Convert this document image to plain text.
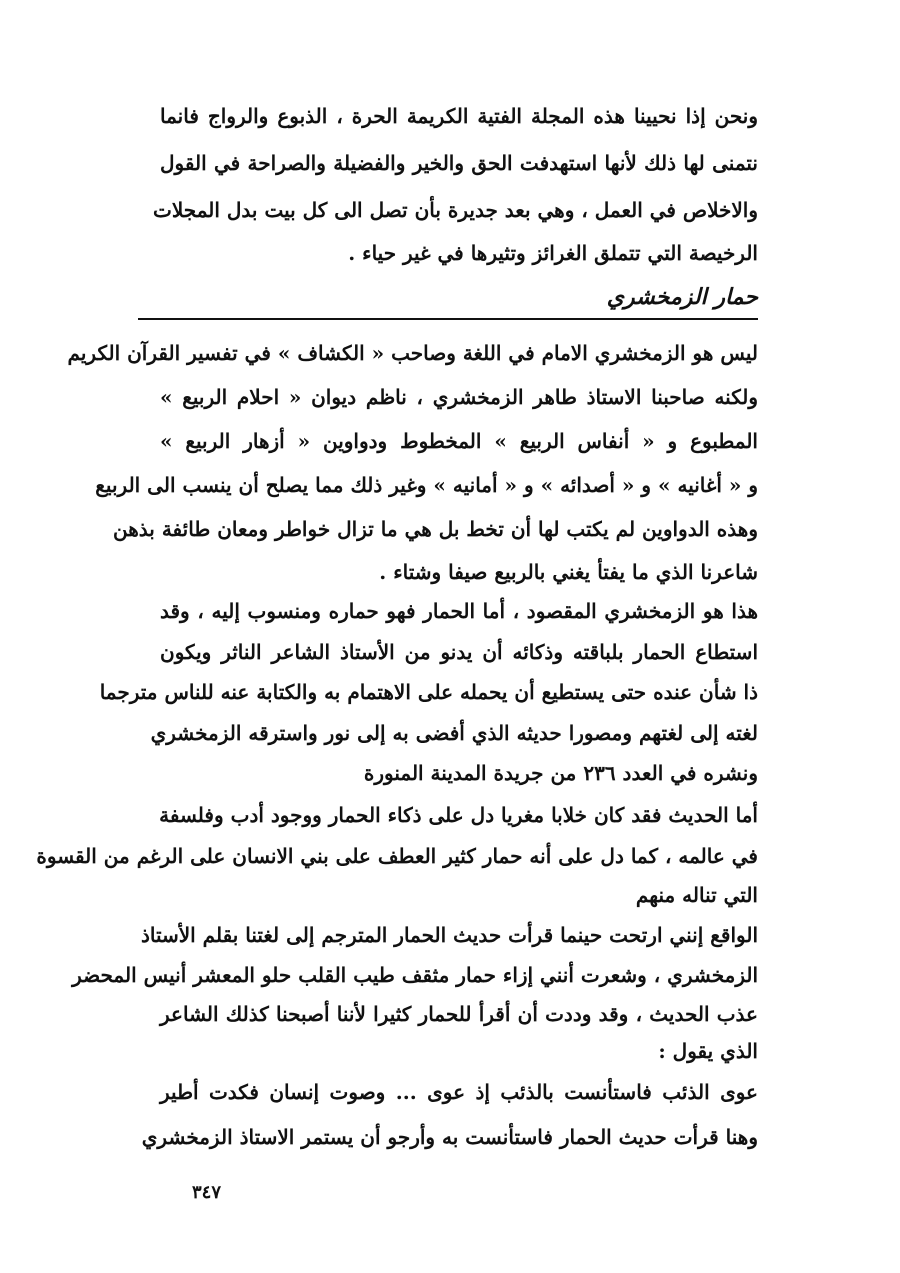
ونحن إذا نحيينا هذه المجلة الفتية الكريمة الحرة ، الذبوع والرواج فانما
نتمنى لها ذلك لأنها استهدفت الحق والخير والفضيلة والصراحة في القول
والاخلاص في العمل ، وهي بعد جديرة بأن تصل الى كل بيت بدل المجلات
الرخيصة التي تتملق الغرائز وتثيرها في غير حياء .
حمار الزمخشري
ليس هو الزمخشري الامام في اللغة وصاحب « الكشاف » في تفسير القرآن الكريم
ولكنه صاحبنا الاستاذ طاهر الزمخشري ، ناظم ديوان « احلام الربيع »
المطبوع و « أنفاس الربيع » المخطوط ودواوين « أزهار الربيع »
و « أغانيه » و « أصدائه » و « أمانيه » وغير ذلك مما يصلح أن ينسب الى الربيع
وهذه الدواوين لم يكتب لها أن تخط بل هي ما تزال خواطر ومعان طائفة بذهن
شاعرنا الذي ما يفتأ يغني بالربيع صيفا وشتاء .
هذا هو الزمخشري المقصود ، أما الحمار فهو حماره ومنسوب إليه ، وقد
استطاع الحمار بلباقته وذكائه أن يدنو من الأستاذ الشاعر الناثر ويكون
ذا شأن عنده حتى يستطيع أن يحمله على الاهتمام به والكتابة عنه للناس مترجما
لغته إلى لغتهم ومصورا حديثه الذي أفضى به إلى نور واسترقه الزمخشري
ونشره في العدد ٢٣٦ من جريدة المدينة المنورة
أما الحديث فقد كان خلابا مغريا دل على ذكاء الحمار ووجود أدب وفلسفة
في عالمه ، كما دل على أنه حمار كثير العطف على بني الانسان على الرغم من القسوة
التي تناله منهم
الواقع إنني ارتحت حينما قرأت حديث الحمار المترجم إلى لغتنا بقلم الأستاذ
الزمخشري ، وشعرت أنني إزاء حمار مثقف طيب القلب حلو المعشر أنيس المحضر
عذب الحديث ، وقد وددت أن أقرأ للحمار كثيرا لأننا أصبحنا كذلك الشاعر
الذي يقول :
عوى الذئب فاستأنست بالذئب إذ عوى ... وصوت إنسان فكدت أطير
وهنا قرأت حديث الحمار فاستأنست به وأرجو أن يستمر الاستاذ الزمخشري
٣٤٧
